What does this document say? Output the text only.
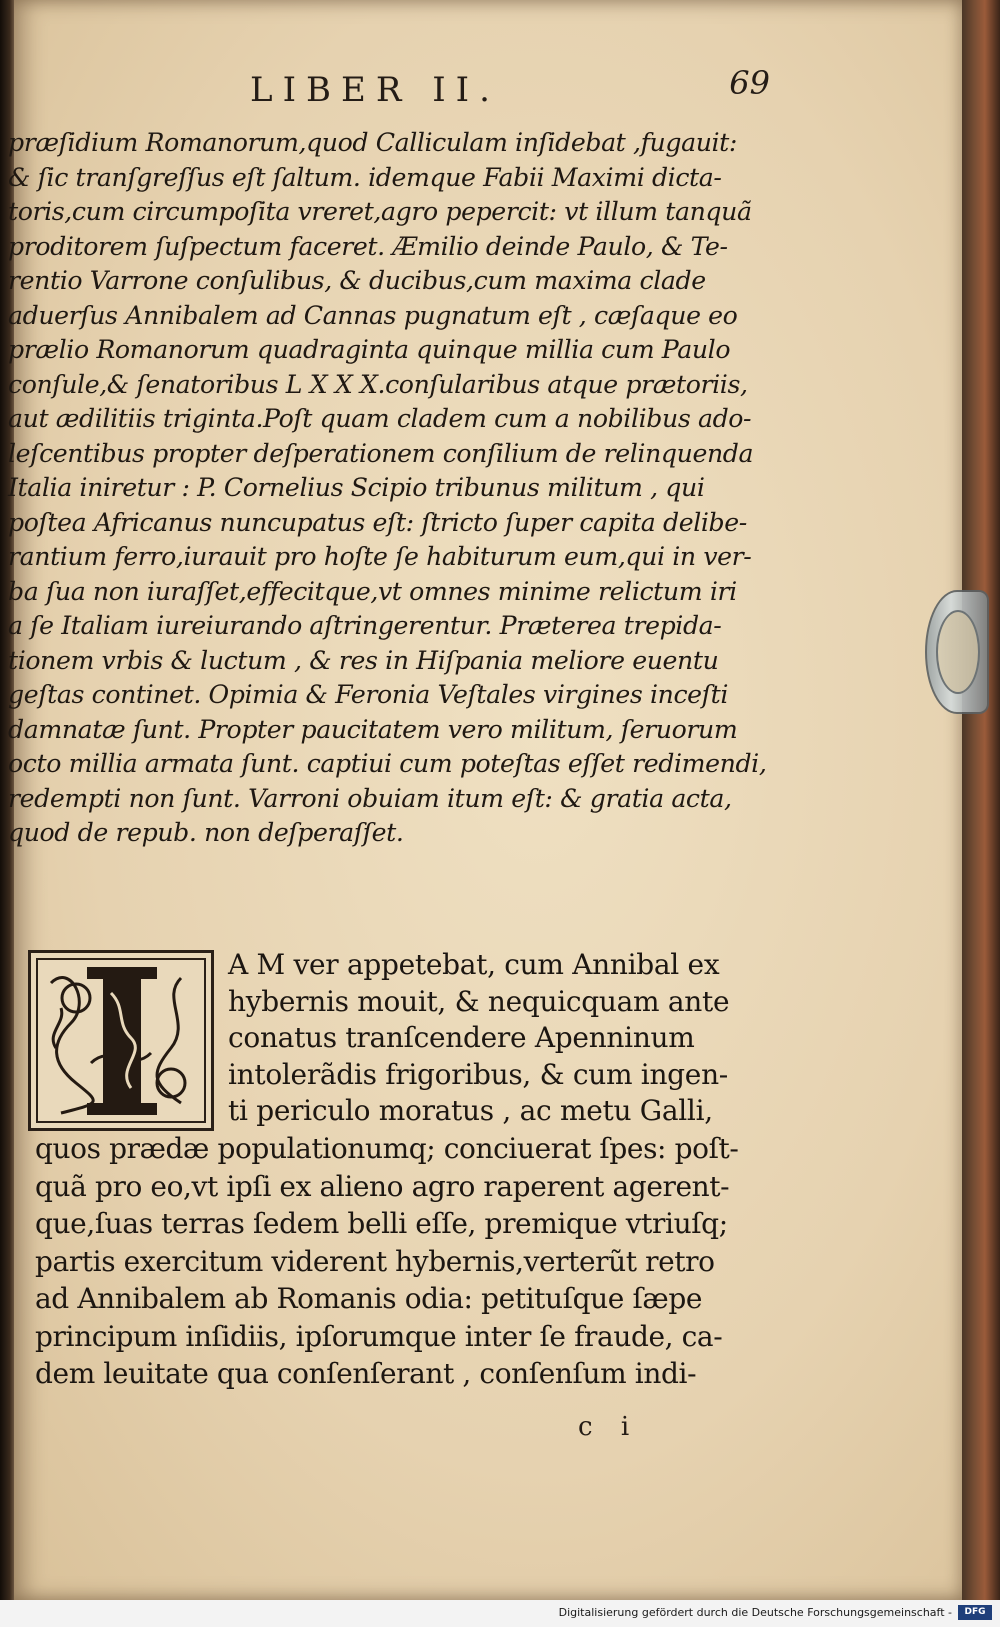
LIBER II.	69
præſidium Romanorum,quod Calliculam inſidebat ,fugauit:
& ſic tranſgreſſus eſt ſaltum. idemque Fabii Maximi dicta-
toris,cum circumpoſita vreret,agro pepercit: vt illum tanquã
proditorem ſuſpectum faceret. Æmilio deinde Paulo, & Te-
rentio Varrone conſulibus, & ducibus,cum maxima clade
aduerſus Annibalem ad Cannas pugnatum eſt , cæſaque eo
prælio Romanorum quadraginta quinque millia cum Paulo
conſule,& ſenatoribus L X X X.conſularibus atque prætoriis,
aut ædilitiis triginta.Poſt quam cladem cum a nobilibus ado-
leſcentibus propter deſperationem conſilium de relinquenda
Italia iniretur : P. Cornelius Scipio tribunus militum , qui
poſtea Africanus nuncupatus eſt: ſtricto ſuper capita delibe-
rantium ferro,iurauit pro hoſte ſe habiturum eum,qui in ver-
ba ſua non iuraſſet,effecitque,vt omnes minime relictum iri
a ſe Italiam iureiurando aſtringerentur. Præterea trepida-
tionem vrbis & luctum , & res in Hiſpania meliore euentu
geſtas continet. Opimia & Feronia Veſtales virgines inceſti
damnatæ ſunt. Propter paucitatem vero militum, ſeruorum
octo millia armata ſunt. captiui cum poteſtas eſſet redimendi,
redempti non ſunt. Varroni obuiam itum eſt: & gratia acta,
quod de repub. non deſperaſſet.
A M ver appetebat, cum Annibal ex
hybernis mouit, & nequicquam ante
conatus tranſcendere Apenninum
intolerãdis frigoribus, & cum ingen-
ti periculo moratus , ac metu Galli,
quos prædæ populationumq; conciuerat ſpes: poſt-
quã pro eo,vt ipſi ex alieno agro raperent agerent-
que,ſuas terras ſedem belli eſſe, premique vtriuſq;
partis exercitum viderent hybernis,verterũt retro
ad Annibalem ab Romanis odia: petituſque ſæpe
principum inſidiis, ipſorumque inter ſe fraude, ca-
dem leuitate qua conſenſerant , conſenſum indi-
c i
Digitalisierung gefördert durch die Deutsche Forschungsgemeinschaft -	DFG
